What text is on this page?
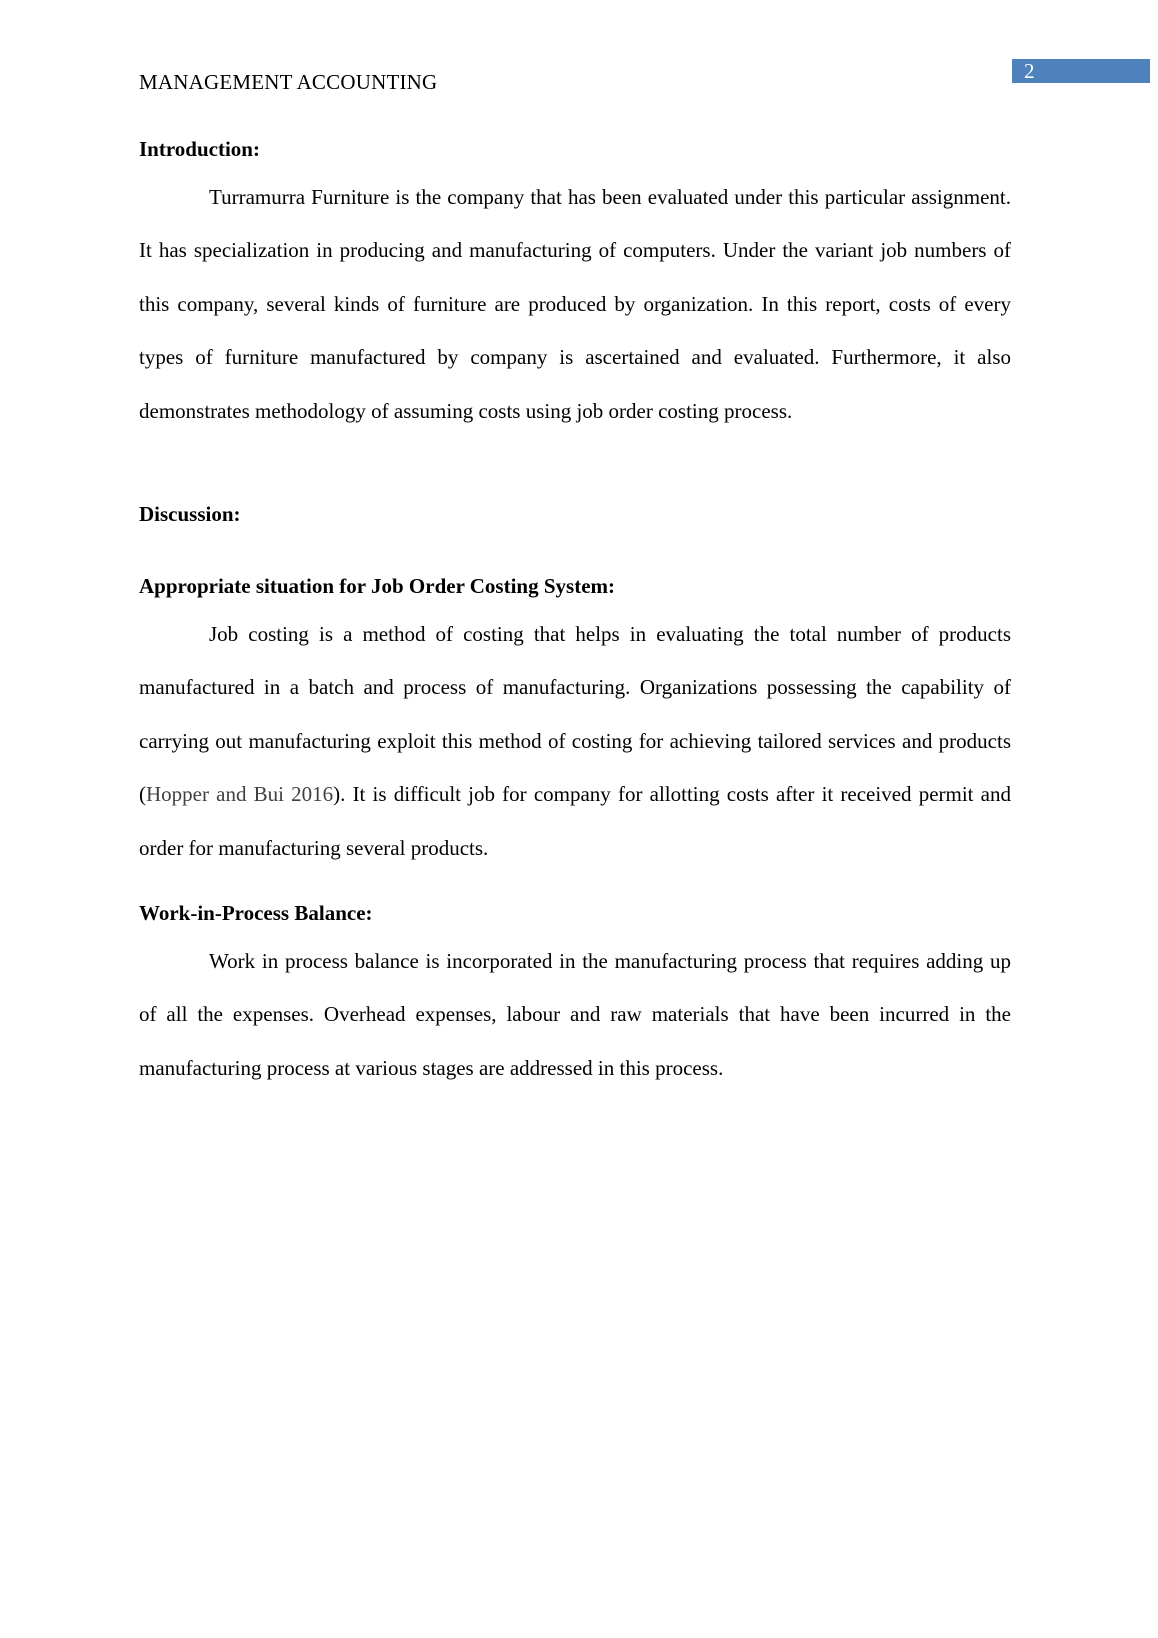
MANAGEMENT ACCOUNTING	2

Introduction:

Turramurra Furniture is the company that has been evaluated under this particular assignment. It has specialization in producing and manufacturing of computers. Under the variant job numbers of this company, several kinds of furniture are produced by organization. In this report, costs of every types of furniture manufactured by company is ascertained and evaluated. Furthermore, it also demonstrates methodology of assuming costs using job order costing process.

Discussion:

Appropriate situation for Job Order Costing System:

Job costing is a method of costing that helps in evaluating the total number of products manufactured in a batch and process of manufacturing. Organizations possessing the capability of carrying out manufacturing exploit this method of costing for achieving tailored services and products (Hopper and Bui 2016). It is difficult job for company for allotting costs after it received permit and order for manufacturing several products.

Work-in-Process Balance:

Work in process balance is incorporated in the manufacturing process that requires adding up of all the expenses. Overhead expenses, labour and raw materials that have been incurred in the manufacturing process at various stages are addressed in this process.
